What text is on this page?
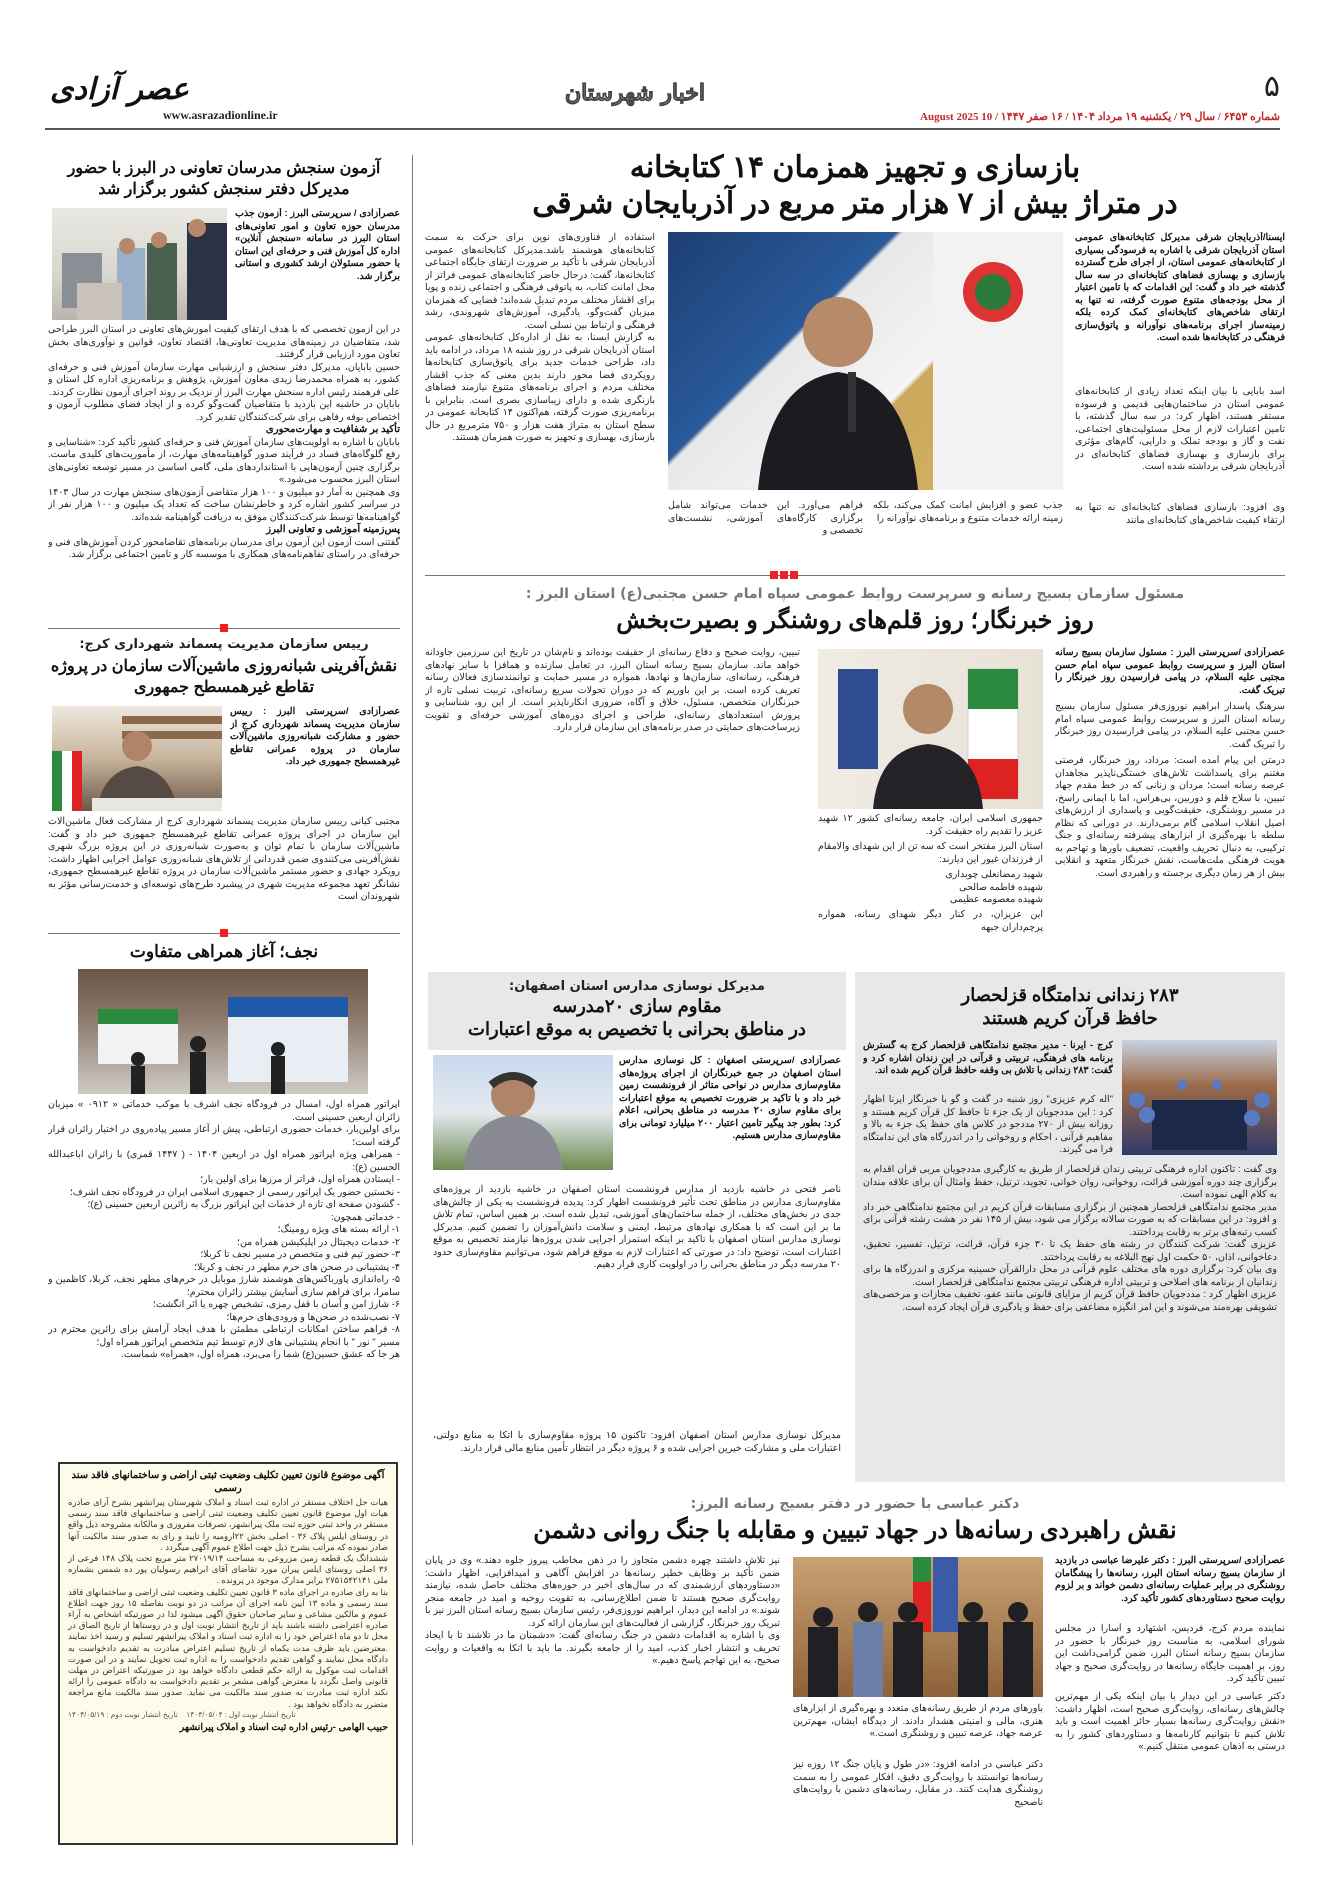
۵
شماره ۶۴۵۳ / سال ۲۹ / یکشنبه ۱۹ مرداد ۱۴۰۴ / ۱۶ صفر ۱۴۴۷ / 10 August 2025
اخبار شهرستان
عصر آزادی
www.asrazadionline.ir
بازسازی و تجهیز همزمان ۱۴ کتابخانه
در متراژ بیش از ۷ هزار متر مربع در آذربایجان شرقی
ایسنا/آذربایجان شرقی مدیرکل کتابخانه‌های عمومی استان آذربایجان شرقی با اشاره به فرسودگی بسیاری از کتابخانه‌های عمومی استان، از اجرای طرح گسترده بازسازی و بهسازی فضاهای کتابخانه‌ای در سه سال گذشته خبر داد و گفت: این اقدامات که با تامین اعتبار از محل بودجه‌های متنوع صورت گرفته، نه تنها به ارتقای شاخص‌های کتابخانه‌ای کمک کرده بلکه زمینه‌ساز اجرای برنامه‌های نوآورانه و پاتوق‌سازی فرهنگی در کتابخانه‌ها شده است.
اسد بابایی با بیان اینکه تعداد زیادی از کتابخانه‌های عمومی استان در ساختمان‌هایی قدیمی و فرسوده مستقر هستند، اظهار کرد: در سه سال گذشته، با تامین اعتبارات لازم از محل مسئولیت‌های اجتماعی، نفت و گاز و بودجه تملک و دارایی، گام‌های مؤثری برای بازسازی و بهسازی فضاهای کتابخانه‌ای در آذربایجان شرقی برداشته شده است.
وی افزود: بازسازی فضاهای کتابخانه‌ای نه تنها به ارتقاء کیفیت شاخص‌های کتابخانه‌ای مانند
جذب عضو و افزایش امانت کمک می‌کند، بلکه زمینه ارائه خدمات متنوع و برنامه‌های نوآورانه را
فراهم می‌آورد. این خدمات می‌تواند شامل برگزاری کارگاه‌های آموزشی، نشست‌های تخصصی و

استفاده از فناوری‌های نوین برای حرکت به سمت کتابخانه‌های هوشمند باشد.مدیرکل کتابخانه‌های عمومی آذربایجان شرقی با تأکید بر ضرورت ارتقای جایگاه اجتماعی کتابخانه‌ها، گفت: درحال حاضر کتابخانه‌های عمومی فراتر از محل امانت کتاب، به پاتوقی فرهنگی و اجتماعی زنده و پویا برای اقشار مختلف مردم تبدیل شده‌اند؛ فضایی که همزمان میزبان گفت‌وگو، یادگیری، آموزش‌های شهروندی، رشد فرهنگی و ارتباط بین نسلی است.

به گزارش ایسنا، به نقل از اداره‌کل کتابخانه‌های عمومی استان آذربایجان شرقی در روز شنبه ۱۸ مرداد، در ادامه باید داد، طراحی خدمات جدید برای پاتوق‌سازی کتابخانه‌ها رویکردی فضا محور دارند بدین معنی که جذب اقشار مختلف مردم و اجرای برنامه‌های متنوع نیازمند فضاهای بازنگری شده و دارای زیباسازی بصری است. بنابراین با برنامه‌ریزی صورت گرفته، هم‌اکنون ۱۴ کتابخانه عمومی در سطح استان به متراژ هفت هزار و ۷۵۰ مترمربع در حال بازسازی، بهسازی و تجهیز به صورت همزمان هستند.

مسئول سازمان بسیج رسانه و سرپرست روابط عمومی سپاه امام حسن مجتبی(ع) استان البرز :
روز خبرنگار؛ روز قلم‌های روشنگر و بصیرت‌بخش
عصرآزادی /سرپرستی البرز : مسئول سازمان بسیج رسانه استان البرز و سرپرست روابط عمومی سپاه امام حسن مجتبی علیه السلام، در پیامی فرارسیدن روز خبرنگار را تبریک گفت.
سرهنگ پاسدار ابراهیم نوروزی‌فر مسئول سازمان بسیج رسانه استان البرز و سرپرست روابط عمومی سپاه امام حسن مجتبی علیه السلام، در پیامی فرارسیدن روز خبرنگار را تبریک گفت.
درمتن این پیام آمده است: مرداد، روز خبرنگار، فرصتی مغتنم برای پاسداشت تلاش‌های خستگی‌ناپذیر مجاهدان عرصه رسانه است؛ مردان و زنانی که در خط مقدم جهاد تبیین، با سلاح قلم و دوربین، بی‌هراس، اما با ایمانی راسخ، در مسیر روشنگری، حقیقت‌گویی و پاسداری از ارزش‌های اصیل انقلاب اسلامی گام برمی‌دارند. در دورانی که نظام سلطه با بهره‌گیری از ابزارهای پیشرفته رسانه‌ای و جنگ ترکیبی، به دنبال تحریف واقعیت، تضعیف باورها و تهاجم به هویت فرهنگی ملت‌هاست، نقش خبرنگار متعهد و انقلابی بیش از هر زمان دیگری برجسته و راهبردی است.
جمهوری اسلامی ایران، جامعه رسانه‌ای کشور ۱۲ شهید عزیز را تقدیم راه حقیقت کرد.
استان البرز مفتخر است که سه تن از این شهدای والامقام از فرزندان غیور این دیارند:
شهید رمضانعلی چوبداری
شهیده فاطمه صالحی
شهیده معصومه عظیمی
این عزیزان، در کنار دیگر شهدای رسانه، همواره پرچم‌داران جبهه
تبیین، روایت صحیح و دفاع رسانه‌ای از حقیقت بوده‌اند و نام‌شان در تاریخ این سرزمین جاودانه خواهد ماند. سازمان بسیج رسانه استان البرز، در تعامل سازنده و همافزا با سایر نهادهای فرهنگی، رسانه‌ای، سازمان‌ها و نهادها، همواره در مسیر حمایت و توانمندسازی فعالان رسانه تعریف کرده است. بر این باوریم که در دوران تحولات سریع رسانه‌ای، تربیت نسلی تازه از خبرنگاران متخصص، مسئول، خلاق و آگاه، ضروری انکارناپذیر است. از این رو، شناسایی و پرورش استعدادهای رسانه‌ای، طراحی و اجرای دوره‌های آموزشی حرفه‌ای و تقویت زیرساخت‌های حمایتی در صدر برنامه‌های این سازمان قرار دارد.
مدیرکل نوسازی مدارس استان اصفهان:
مقاوم سازی ۲۰مدرسه
در مناطق بحرانی با تخصیص به موقع اعتبارات
عصرآزادی /سرپرستی اصفهان : کل نوسازی مدارس استان اصفهان در جمع خبرنگاران از اجرای پروژه‌های مقاوم‌سازی مدارس در نواحی متاثر از فرونشست زمین خبر داد و با تاکید بر ضرورت تخصیص به موقع اعتبارات برای مقاوم سازی ۲۰ مدرسه در مناطق بحرانی، اعلام کرد: بطور جد پیگیر تامین اعتبار ۲۰۰ میلیارد تومانی برای مقاوم‌سازی مدارس هستیم.
ناصر فتحی در حاشیه بازدید از مدارس فرونشست استان اصفهان در خاشیه بازدید از پروژه‌های مقاوم‌سازی مدارس در مناطق تحت تأثیر فرونشست اظهار کرد: پدیده فرونشست به یکی از چالش‌های جدی در بخش‌های مختلف، از جمله ساختمان‌های آموزشی، تبدیل شده است. بر همین اساس، تمام تلاش ما بر این است که با همکاری نهادهای مرتبط، ایمنی و سلامت دانش‌آموزان را تضمین کنیم. مدیرکل نوسازی مدارس استان اصفهان با تاکید بر اینکه استمرار اجرایی شدن پروژه‌ها نیازمند تخصیص به موقع اعتبارات است، توضیح داد: در صورتی که اعتبارات لازم به موقع فراهم شود، می‌توانیم مقاوم‌سازی حدود ۲۰ مدرسه دیگر در مناطق بحرانی را در اولویت کاری قرار دهیم.
مدیرکل نوسازی مدارس استان اصفهان افزود: تاکنون ۱۵ پروژه مقاوم‌سازی با اتکا به منابع دولتی، اعتبارات ملی و مشارکت خیرین اجرایی شده و ۶ پروژه دیگر در انتظار تأمین منابع مالی قرار دارند.
۲۸۳ زندانی ندامتگاه قزلحصار
حافظ قرآن کریم هستند
کرج - ایرنا - مدیر مجتمع ندامتگاهی قزلحصار کرج به گسترش برنامه های فرهنگی، تربیتی و قرآنی در این زندان اشاره کرد و گفت: ۲۸۳ زندانی با تلاش بی وقفه حافظ قرآن کریم شده اند.
"اله کرم عزیزی" روز شنبه در گفت و گو با خبرنگار ایرنا اظهار کرد : این مددجویان از یک جزء تا حافظ کل قرآن کریم هستند و روزانه بیش از ۲۷۰ مددجو در کلاس های حفظ یک جزء به بالا و مفاهیم قرآنی ، احکام و روخوانی را در اندرزگاه های این ندامتگاه فرا می گیرند.

وی گفت : تاکنون اداره فرهنگی تربیتی زندان قزلحصار از طریق به کارگیری مددجویان مربی قرآن اقدام به برگزاری چند دوره آموزشی قرائت، روخوانی، روان خوانی، تجوید، ترتیل، حفظ وامثال آن برای علاقه مندان به کلام الهی نموده است.

مدیر مجتمع ندامتگاهی قزلحصار همچنین از برگزاری مسابقات قرآن کریم در این مجتمع ندامتگاهی خبر داد و افزود: در این مسابقات که به صورت سالانه برگزار می شود، بیش از ۱۴۵ نفر در هشت رشته قرآنی برای کسب رتبه‌های برتر به رقابت پرداختند.

عزیزی گفت: شرکت کنندگان در رشته های حفظ یک تا ۳۰ جزء قرآن، قرائت، ترتیل، تفسیر، تحقیق، دعاخوانی، اذان، ۵۰ حکمت اول نهج البلاغه به رقابت پرداختند.

وی بیان کرد: برگزاری دوره های مختلف علوم قرآنی در محل دارالقرآن حسینیه مرکزی و اندرزگاه ها برای زندانیان از برنامه های اصلاحی و تربیتی اداره فرهنگی تربیتی مجتمع ندامتگاهی قزلحصار است.

عزیزی اظهار کرد : مددجویان حافظ قرآن کریم از مزایای قانونی مانند عفو، تخفیف مجازات و مرخصی‌های تشویقی بهره‌مند می‌شوند و این امر انگیزه مضاعفی برای حفظ و یادگیری قرآن ایجاد کرده است.

دکتر عباسی با حضور در دفتر بسیج رسانه البرز:
نقش راهبردی رسانه‌ها در جهاد تبیین و مقابله با جنگ روانی دشمن
عصرآزادی /سرپرستی البرز : دکتر علیرضا عباسی در بازدید از سازمان بسیج رسانه استان البرز، رسانه‌ها را پیشگامان روشنگری در برابر عملیات رسانه‌ای دشمن خواند و بر لزوم روایت صحیح دستاوردهای کشور تأکید کرد.
نماینده مردم کرج، فردیس، اشتهارد و آسارا در مجلس شورای اسلامی، به مناسبت روز خبرنگار با حضور در سازمان بسیج رسانه استان البرز، ضمن گرامی‌داشت این روز، بر اهمیت جایگاه رسانه‌ها در روایت‌گری صحیح و جهاد تبیین تأکید کرد.
دکتر عباسی در این دیدار با بیان اینکه یکی از مهم‌ترین چالش‌های رسانه‌ای، روایت‌گری صحیح است، اظهار داشت: «نقش روایت‌گری رسانه‌ها بسیار حائز اهمیت است و باید تلاش کنیم تا بتوانیم کارنامه‌ها و دستاوردهای کشور را به درستی به اذهان عمومی منتقل کنیم.»
باورهای مردم از طریق رسانه‌های متعدد و بهره‌گیری از ابزارهای هنری، مالی و امنیتی هشدار دادند. از دیدگاه ایشان، مهم‌ترین عرصه جهاد، عرصه تبیین و روشنگری است.»
دکتر عباسی در ادامه افزود: «در طول و پایان جنگ ۱۲ روزه نیز رسانه‌ها توانستند با روایت‌گری دقیق، افکار عمومی را به سمت روشنگری هدایت کنند. در مقابل، رسانه‌های دشمن با روایت‌های ناصحیح

نیز تلاش داشتند چهره دشمن متجاوز را در ذهن مخاطب پیروز جلوه دهند.» وی در پایان ضمن تأکید بر وظایف خطیر رسانه‌ها در افزایش آگاهی و امیدافزایی، اظهار داشت: «دستاوردهای ارزشمندی که در سال‌های اخیر در حوزه‌های مختلف حاصل شده، نیازمند روایت‌گری صحیح هستند تا ضمن اطلاع‌رسانی، به تقویت روحیه و امید در جامعه منجر شوند.» در ادامه این دیدار، ابراهیم نوروزی‌فر، رئیس سازمان بسیج رسانه استان البرز نیز با تبریک روز خبرنگار، گزارشی از فعالیت‌های این سازمان ارائه کرد.

وی با اشاره به اقدامات دشمن در جنگ رسانه‌ای گفت: «دشمنان ما در تلاشند تا با ایجاد تحریف و انتشار اخبار کذب، امید را از جامعه بگیرند. ما باید با اتکا به واقعیات و روایت صحیح، به این تهاجم پاسخ دهیم.»

آزمون سنجش مدرسان تعاونی در البرز با حضور مدیرکل دفتر سنجش کشور برگزار شد
عصرآزادی / سرپرستی البرز : آزمون جذب مدرسان حوزه تعاون و امور تعاونی‌های استان البرز در سامانه «سنجش آنلاین» اداره کل آموزش فنی و حرفه‌ای این استان با حضور مسئولان ارشد کشوری و استانی برگزار شد.

در این آزمون تخصصی که با هدف ارتقای کیفیت آموزش‌های تعاونی در استان البرز طراحی شد، متقاضیان در زمینه‌های مدیریت تعاونی‌ها، اقتصاد تعاون، قوانین و نوآوری‌های بخش تعاون مورد ارزیابی قرار گرفتند.

حسین بابایان، مدیرکل دفتر سنجش و ارزشیابی مهارت سازمان آموزش فنی و حرفه‌ای کشور، به همراه محمدرضا زیدی معاون آموزش، پژوهش و برنامه‌ریزی اداره کل استان و علی فرهمند رئیس اداره سنجش مهارت البرز از نزدیک بر روند اجرای آزمون نظارت کردند.

بابایان در حاشیه این بازدید با متقاضیان گفت‌وگو کرده و از ایجاد فضای مطلوب آزمون و اختصاص بوفه رفاهی برای شرکت‌کنندگان تقدیر کرد.

تأکید بر شفافیت و مهارت‌محوری

بابایان با اشاره به اولویت‌های سازمان آموزش فنی و حرفه‌ای کشور تأکید کرد: «شناسایی و رفع گلوگاه‌های فساد در فرآیند صدور گواهینامه‌های مهارت، از مأموریت‌های کلیدی ماست. برگزاری چنین آزمون‌هایی با استانداردهای ملی، گامی اساسی در مسیر توسعه تعاونی‌های استان البرز محسوب می‌شود.»

وی همچنین به آمار دو میلیون و ۱۰۰ هزار متقاضی آزمون‌های سنجش مهارت در سال ۱۴۰۳ در سراسر کشور اشاره کرد و خاطرنشان ساخت که تعداد یک میلیون و ۱۰۰ هزار نفر از گواهینامه‌ها توسط شرکت‌کنندگان موفق به دریافت گواهینامه شده‌اند.

پس‌زمینه آموزشی و تعاونی البرز

گفتنی است آزمون این آزمون برای مدرسان برنامه‌های تقاضامحور کردن آموزش‌های فنی و حرفه‌ای در راستای تفاهم‌نامه‌های همکاری با موسسه کار و تامین اجتماعی برگزار شد.

رییس سازمان مدیریت پسماند شهرداری کرج:
نقش‌آفرینی شبانه‌روزی ماشین‌آلات سازمان در پروژه تقاطع غیرهمسطح جمهوری
عصرآزادی /سرپرستی البرز : رییس سازمان مدیریت پسماند شهرداری کرج از حضور و مشارکت شبانه‌روزی ماشین‌آلات سازمان در پروژه عمرانی تقاطع غیرهمسطح جمهوری خبر داد.
مجتبی کیانی رییس سازمان مدیریت پسماند شهرداری کرج از مشارکت فعال ماشین‌آلات این سازمان در اجرای پروژه عمرانی تقاطع غیرهمسطح جمهوری خبر داد و گفت: ماشین‌آلات سازمان با تمام توان و به‌صورت شبانه‌روزی در این پروژه بزرگ شهری نقش‌آفرینی می‌کنند‌وی ضمن قدردانی از تلاش‌های شبانه‌روزی عوامل اجرایی اظهار داشت: رویکرد جهادی و حضور مستمر ماشین‌آلات سازمان در پروژه تقاطع غیرهمسطح جمهوری، نشانگر تعهد مجموعه مدیریت شهری در پیشبرد طرح‌های توسعه‌ای و خدمت‌رسانی مؤثر به شهروندان است
نجف؛ آغاز همراهی متفاوت

اپراتور همراه اول، امسال در فرودگاه نجف اشرف با موکب خدماتی « ۰۹۱۲ » میزبان زائران اربعین حسینی است.

برای اولین‌بار، خدمات حضوری ارتباطی، پیش از آغاز مسیر پیاده‌روی در اختیار زائران قرار گرفته است؛

- همراهی ویژه اپراتور همراه اول در اربعین ۱۴۰۴ - ( ۱۴۴۷ قمری) با زائران اباعبدالله الحسین (ع):

- ایستادن همراه اول، فراتر از مرزها برای اولین بار؛
- نخستین حضور یک اپراتور رسمی از جمهوری اسلامی ایران در فرودگاه نجف اشرف؛
- گشودن صفحه ای تازه از خدمات این اپراتور بزرگ به زائرین اربعین حسینی (ع)؛
- خدماتی همچون:
۱- ارائه بسته های ویژه رومینگ؛
۲- خدمات دیجیتال در اپلیکیشن همراه من؛
۳- حضور تیم فنی و متخصص در مسیر نجف تا کربلا؛
۴- پشتیبانی در صحن های حرم مطهر در نجف و کربلا؛
۵- راه‌اندازی پاورباکس‌های هوشمند شارژ موبایل در حرم‌های مطهر نجف، کربلا، کاظمین و سامرا، برای فراهم سازی آسایش بیشتر زائران محترم؛
۶- شارژ امن و آسان با قفل رمزی، تشخیص چهره یا اثر انگشت؛
۷- نصب‌شده در صحن‌ها و ورودی‌های حرم‌ها؛
۸- فراهم ساختن امکانات ارتباطی مطمئن با هدف ایجاد آرامش برای زائرین محترم در مسیر " نور " با انجام پشتیبانی های لازم توسط تیم متخصص اپراتور همراه اول؛
هر جا که عشق حسین(ع) شما را می‌برد، همراه اول، «همراه» شماست.
آگهی موضوع قانون تعیین تکلیف وضعیت ثبتی اراضی و ساختمانهای فاقد سند رسمی
هیات حل اختلاف مستقر در اداره ثبت اسناد و املاک شهرستان پیرانشهر بشرح آرای صادره هیات اول موضوع قانون تعیین تکلیف وضعیت ثبتی اراضی و ساختمانهای فاقد سند رسمی مستقر در واحد ثبتی حوزه ثبت ملک پیرانشهر، تصرفات مفروزی و مالکانه مشروحه ذیل واقع در روستای ایلس پلاک ۳۶ - اصلی بخش ۲۲ارومیه را تایید و رای به صدور سند مالکیت آنها صادر نموده که مراتب بشرح ذیل جهت اطلاع عموم آگهی میگردد .
ششدانگ یک قطعه زمین مزروعی به مساحت ۲۷۰۱۹/۱۴ متر مربع تحت پلاک ۱۴۸ فرعی از ۳۶ اصلی روستای ایلس پیران مورد تقاضای آقای ابراهیم رسولیان پور ده شمس بشماره ملی ۲۷۵۱۵۴۲۱۴۱ برابر مدارک موجود در پرونده .
بنا به رای صادره در اجرای ماده ۳ قانون تعیین تکلیف وضعیت ثبتی اراضی و ساختمانهای فاقد سند رسمی و ماده ۱۳ آیین نامه اجرای آن مراتب در دو نوبت بفاصله ۱۵ روز جهت اطلاع عموم و مالکین مشاعی و سایر صاحبان حقوق اگهی میشود لذا در صورتیکه اشخاص به آراء صادره اعتراضی داشته باشند باید از تاریخ انتشار نوبت اول و در روستاها از تاریخ الصاق در محل تا دو ماه اعتراض خود را به اداره ثبت اسناد و املاک پیرانشهر تسلیم و رسید اخذ نمایند .معترضین باید ظرف مدت یکماه از تاریخ تسلیم اعتراض مبادرت به تقدیم دادخواست به دادگاه محل نمایند و گواهی تقدیم دادخواست را به اداره ثبت تحویل نمایند و در این صورت اقدامات ثبت موکول به ارائه حکم قطعی دادگاه خواهد بود در صورتیکه اعتراض در مهلت قانونی واصل نگردد یا معترض گواهی مشعر بر تقدیم دادخواست به دادگاه عمومی را ارائه نکند اداره ثبت مبادرت به صدور سند مالکیت می نماید. صدور سند مالکیت مانع مراجعه متضرر به دادگاه نخواهد بود .
تاریخ انتشار نوبت اول : ۱۴۰۴/۰۵/۰۴    تاریخ انتشار نوبت دوم : ۱۴۰۴/۰۵/۱۹
حبیب الهامی -رئیس اداره ثبت اسناد و املاک پیرانشهر
